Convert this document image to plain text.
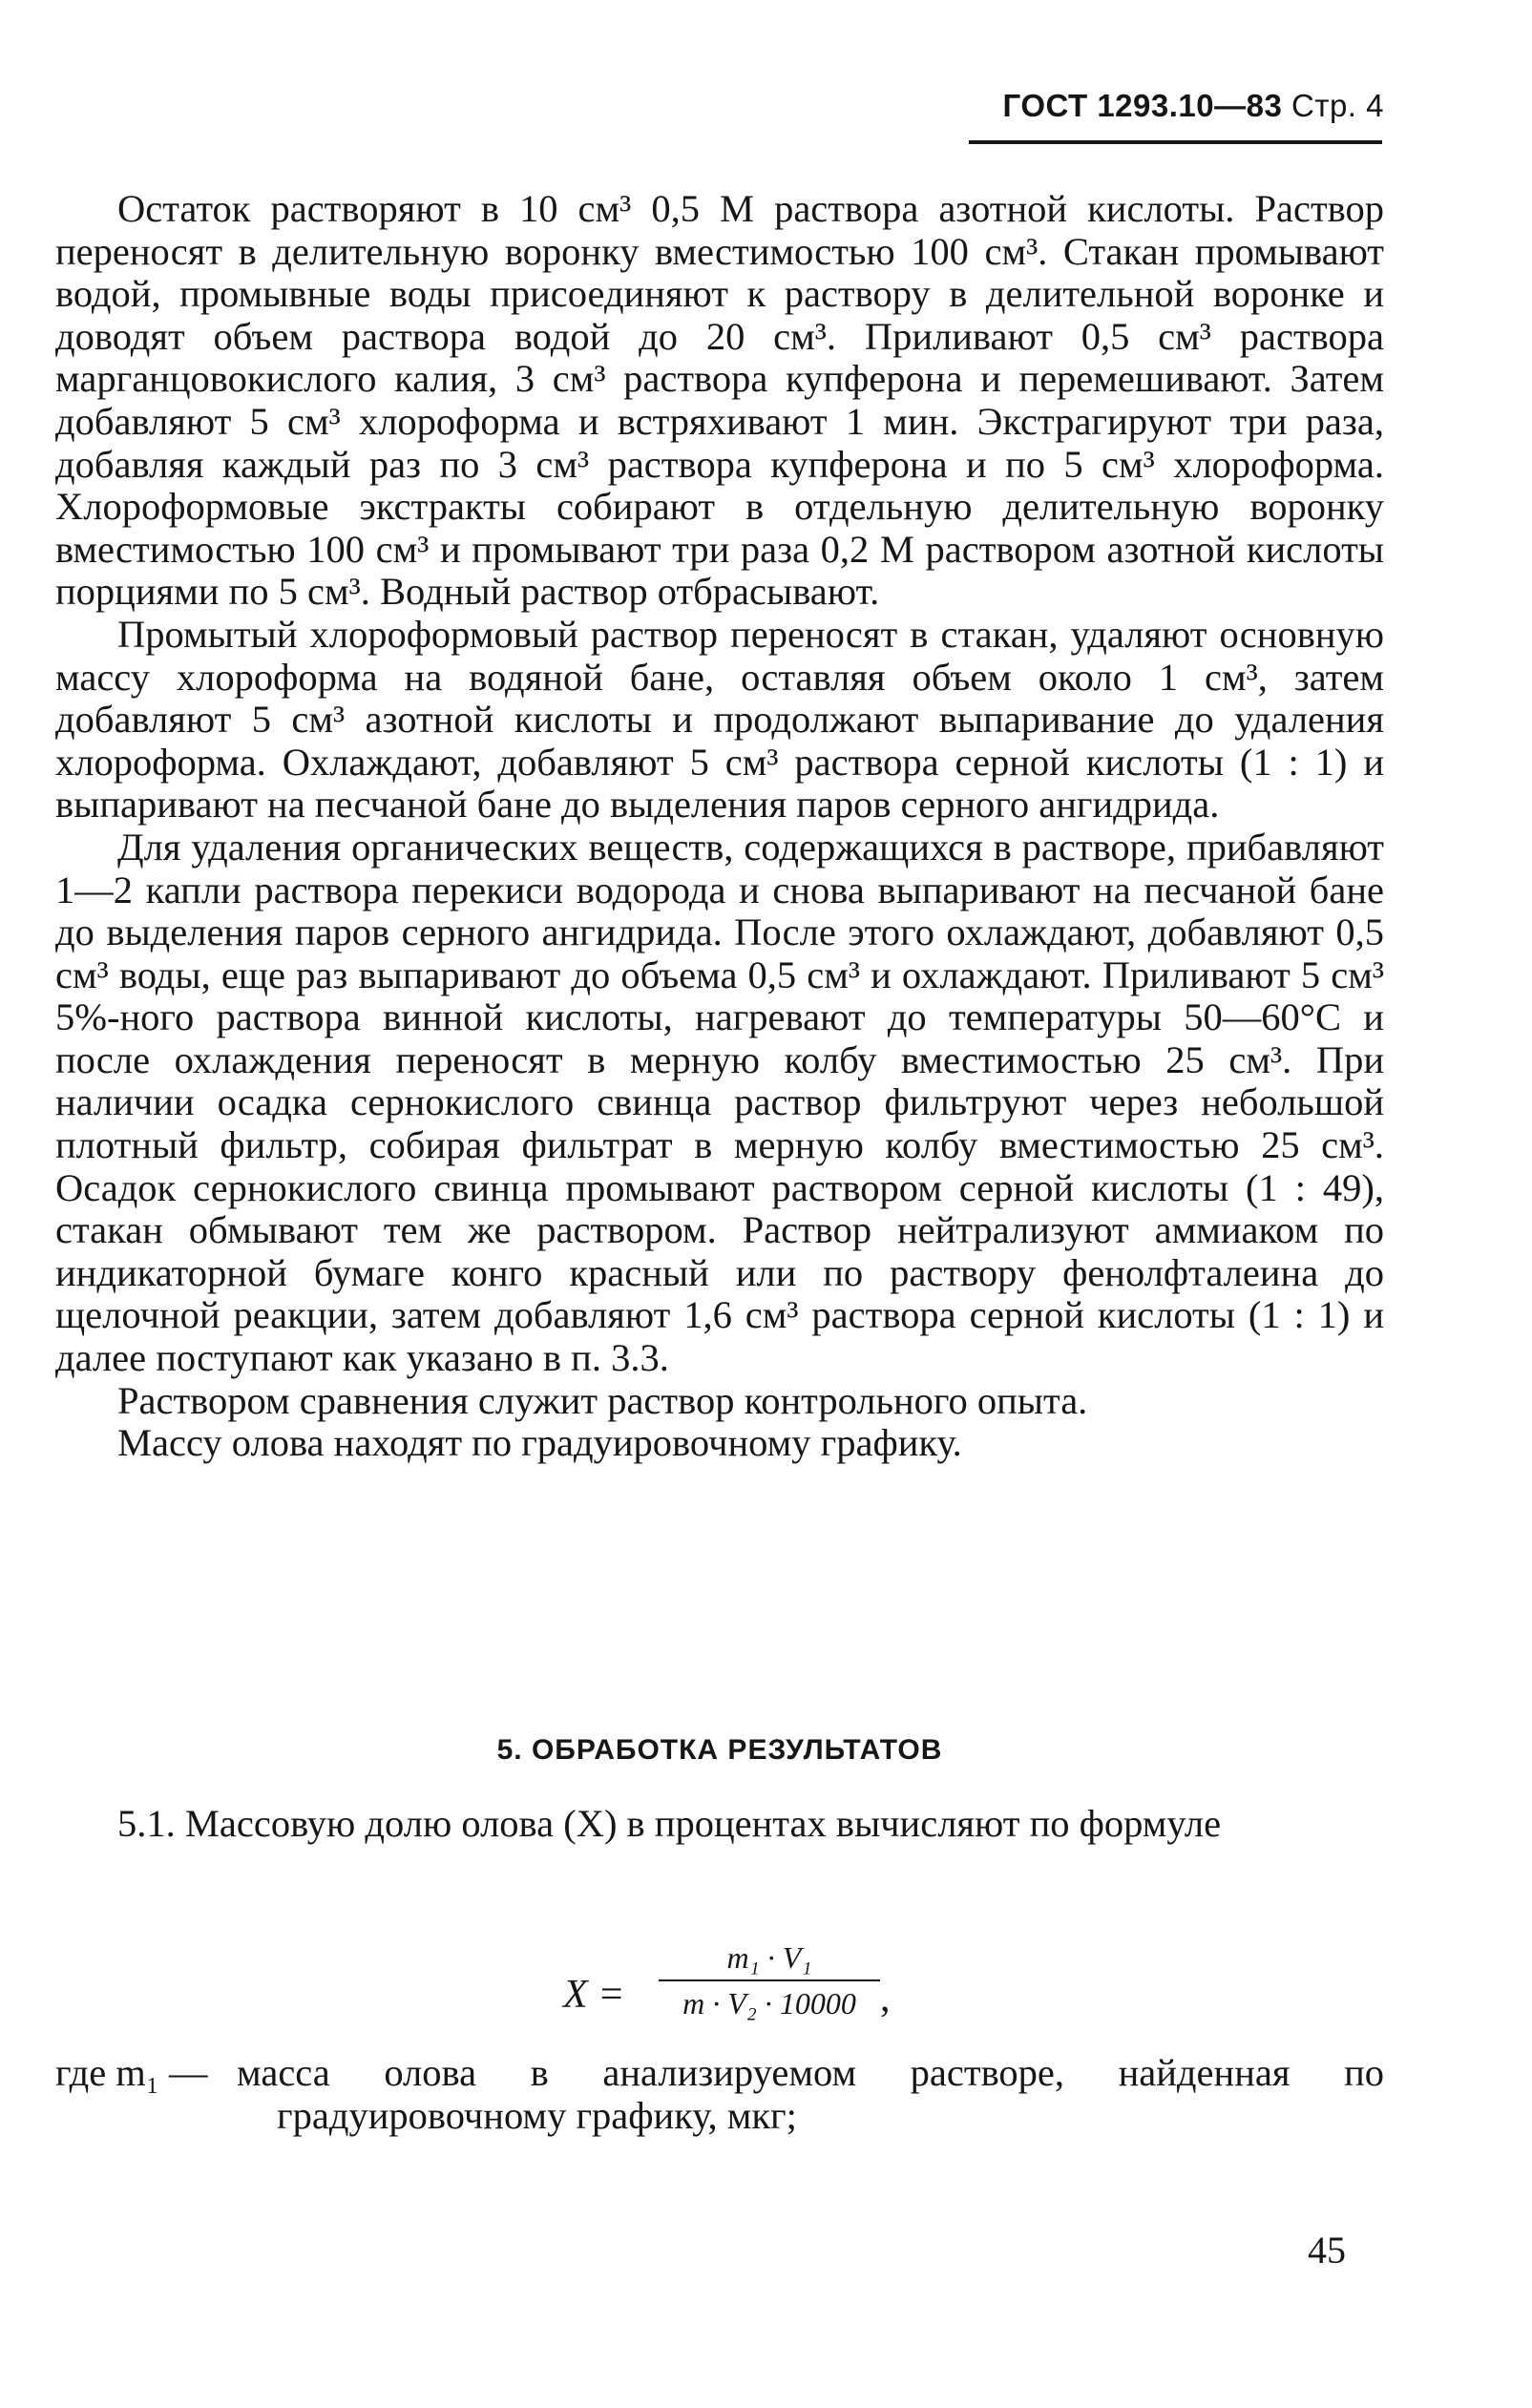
ГОСТ 1293.10—83 Стр. 4

Остаток растворяют в 10 см³ 0,5 М раствора азотной кислоты. Раствор переносят в делительную воронку вместимостью 100 см³. Стакан промывают водой, промывные воды присоединяют к раствору в делительной воронке и доводят объем раствора водой до 20 см³. Приливают 0,5 см³ раствора марганцовокислого калия, 3 см³ раствора купферона и перемешивают. Затем добавляют 5 см³ хлороформа и встряхивают 1 мин. Экстрагируют три раза, добавляя каждый раз по 3 см³ раствора купферона и по 5 см³ хлороформа. Хлороформовые экстракты собирают в отдельную делительную воронку вместимостью 100 см³ и промывают три раза 0,2 М раствором азотной кислоты порциями по 5 см³. Водный раствор отбрасывают.

Промытый хлороформовый раствор переносят в стакан, удаляют основную массу хлороформа на водяной бане, оставляя объем около 1 см³, затем добавляют 5 см³ азотной кислоты и продолжают выпаривание до удаления хлороформа. Охлаждают, добавляют 5 см³ раствора серной кислоты (1 : 1) и выпаривают на песчаной бане до выделения паров серного ангидрида.

Для удаления органических веществ, содержащихся в растворе, прибавляют 1—2 капли раствора перекиси водорода и снова выпаривают на песчаной бане до выделения паров серного ангидрида. После этого охлаждают, добавляют 0,5 см³ воды, еще раз выпаривают до объема 0,5 см³ и охлаждают. Приливают 5 см³ 5%-ного раствора винной кислоты, нагревают до температуры 50—60°С и после охлаждения переносят в мерную колбу вместимостью 25 см³. При наличии осадка сернокислого свинца раствор фильтруют через небольшой плотный фильтр, собирая фильтрат в мерную колбу вместимостью 25 см³. Осадок сернокислого свинца промывают раствором серной кислоты (1 : 49), стакан обмывают тем же раствором. Раствор нейтрализуют аммиаком по индикаторной бумаге конго красный или по раствору фенолфталеина до щелочной реакции, затем добавляют 1,6 см³ раствора серной кислоты (1 : 1) и далее поступают как указано в п. 3.3.

Раствором сравнения служит раствор контрольного опыта.

Массу олова находят по градуировочному графику.

5. ОБРАБОТКА РЕЗУЛЬТАТОВ
5.1. Массовую долю олова (X) в процентах вычисляют по формуле
X =
m₁ · V₁
m · V₂ · 10000 ,
где m₁ — масса олова в анализируемом растворе, найденная по градуировочному графику, мкг;
45
